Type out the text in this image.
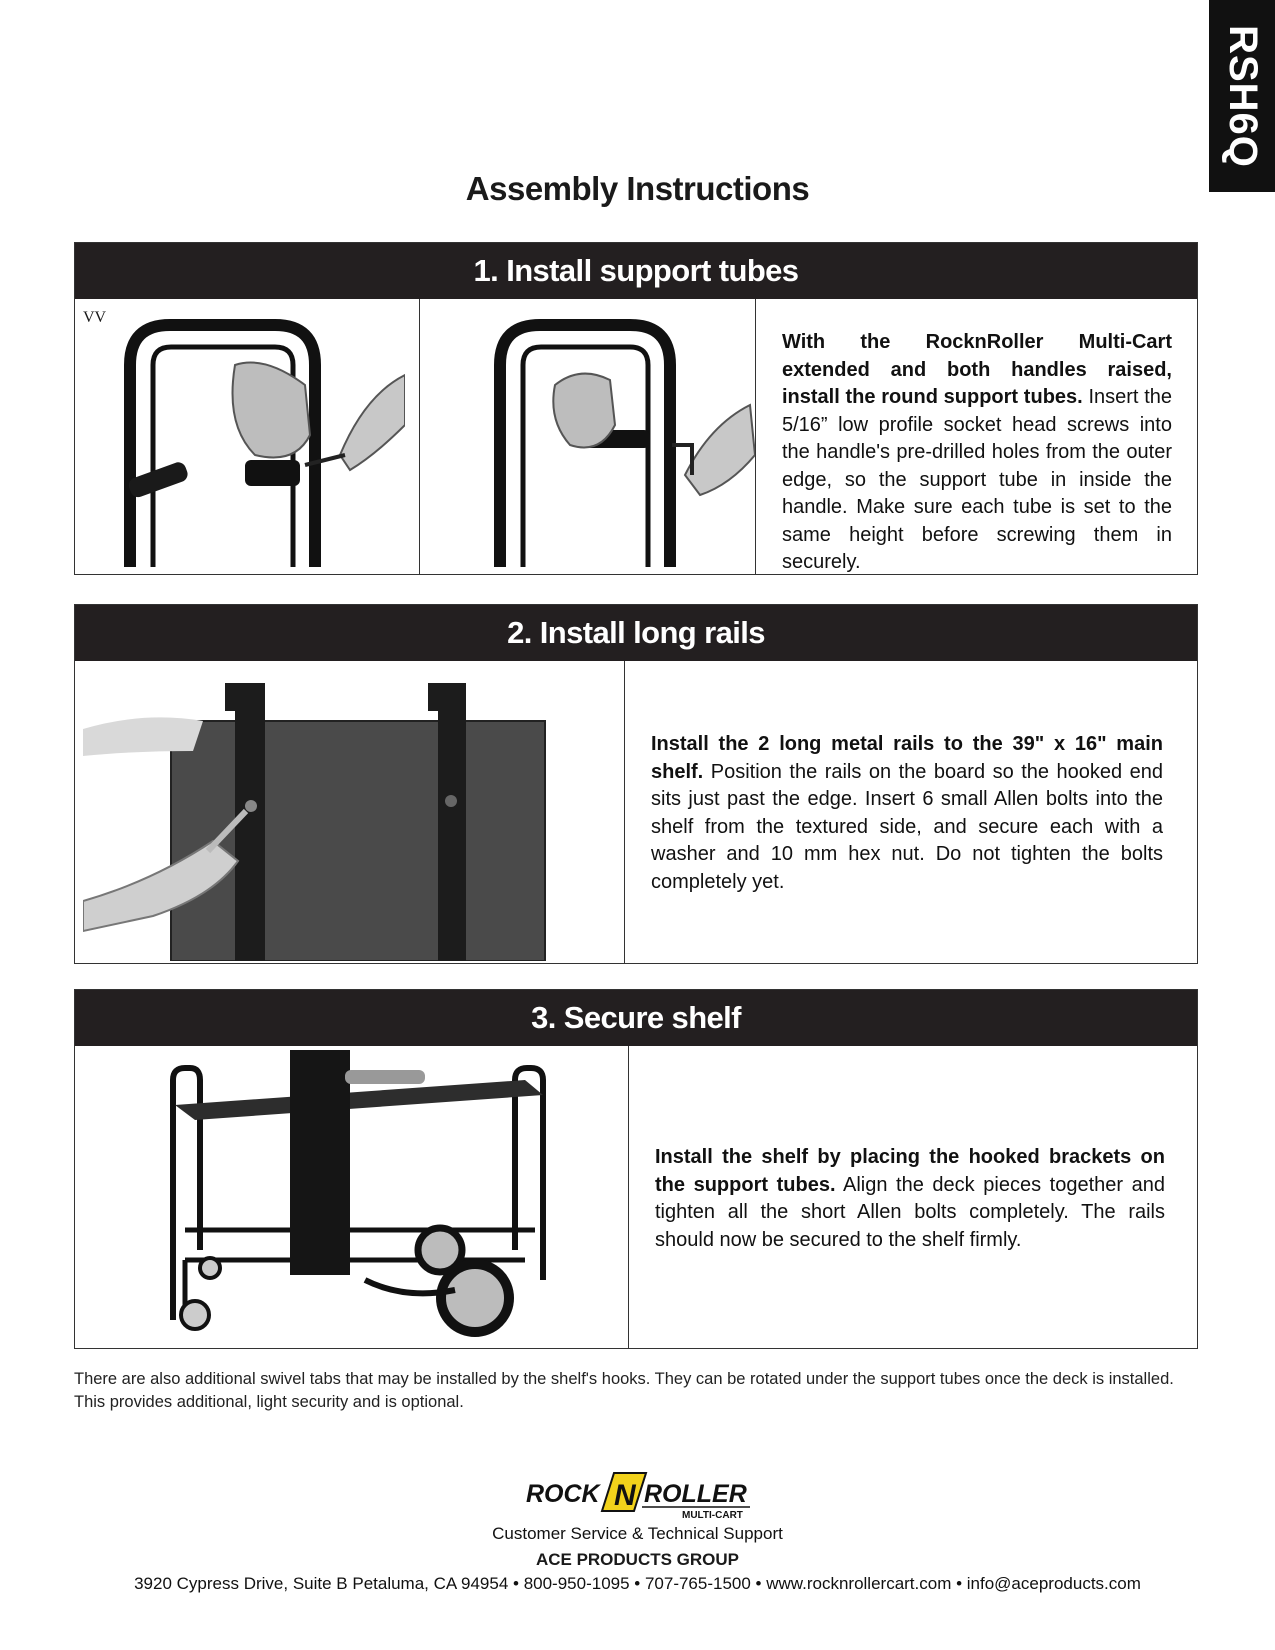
RSH6Q
Assembly Instructions
1. Install support tubes
VV
With the RocknRoller Multi-Cart extended and both handles raised, install the round support tubes. Insert the 5/16” low profile socket head screws into the handle's pre-drilled holes from the outer edge, so the support tube in inside the handle. Make sure each tube is set to the same height before screwing them in securely.
2. Install long rails
Install the 2 long metal rails to the 39" x 16" main shelf. Position the rails on the board so the hooked end sits just past the edge. Insert 6 small Allen bolts into the shelf from the textured side, and secure each with a washer and 10 mm hex nut. Do not tighten the bolts completely yet.
3. Secure shelf
Install the shelf by placing the hooked brackets on the support tubes. Align the deck pieces together and tighten all the short Allen bolts completely. The rails should now be secured to the shelf firmly.
There are also additional swivel tabs that may be installed by the shelf's hooks. They can be rotated under the support tubes once the deck is installed. This provides additional, light security and is optional.
ROCK N ROLLER
MULTI-CART
Customer Service & Technical Support
ACE PRODUCTS GROUP
3920 Cypress Drive, Suite B Petaluma, CA 94954 • 800-950-1095 • 707-765-1500 • www.rocknrollercart.com • info@aceproducts.com
